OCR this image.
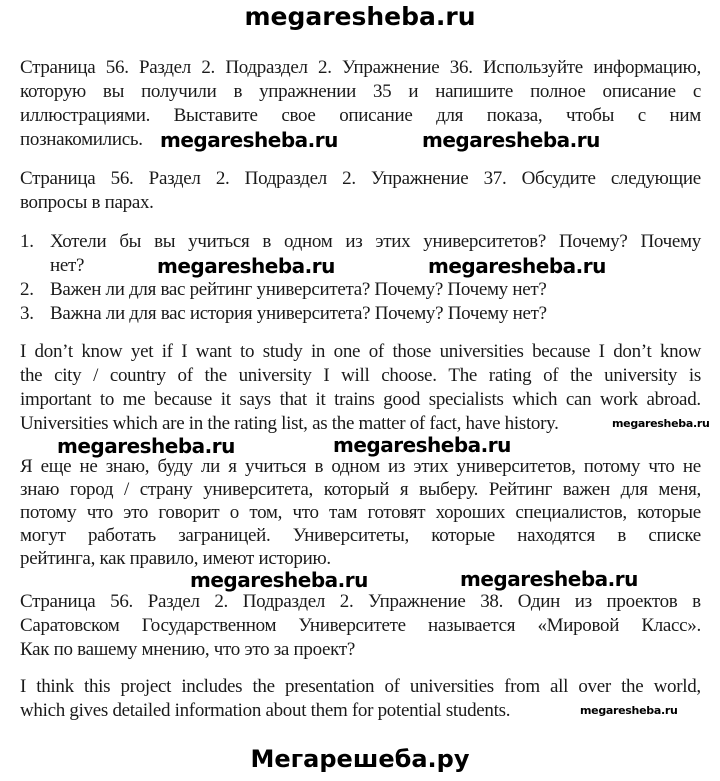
megaresheba.ru
Страница 56. Раздел 2. Подраздел 2. Упражнение 36. Используйте информацию,
которую вы получили в упражнении 35 и напишите полное описание с
иллюстрациями. Выставите свое описание для показа, чтобы с ним
познакомились.
Страница 56. Раздел 2. Подраздел 2. Упражнение 37. Обсудите следующие
вопросы в парах.
1. Хотели бы вы учиться в одном из этих университетов? Почему? Почему
нет?
2. Важен ли для вас рейтинг университета? Почему? Почему нет?
3. Важна ли для вас история университета? Почему? Почему нет?
I don’t know yet if I want to study in one of those universities because I don’t know
the city / country of the university I will choose. The rating of the university is
important to me because it says that it trains good specialists which can work abroad.
Universities which are in the rating list, as the matter of fact, have history.
Я еще не знаю, буду ли я учиться в одном из этих университетов, потому что не
знаю город / страну университета, который я выберу. Рейтинг важен для меня,
потому что это говорит о том, что там готовят хороших специалистов, которые
могут работать заграницей. Университеты, которые находятся в списке
рейтинга, как правило, имеют историю.
Страница 56. Раздел 2. Подраздел 2. Упражнение 38. Один из проектов в
Саратовском Государственном Университете называется «Мировой Класс».
Как по вашему мнению, что это за проект?
I think this project includes the presentation of universities from all over the world,
which gives detailed information about them for potential students.
megaresheba.ru	megaresheba.ru
megaresheba.ru	megaresheba.ru
megaresheba.ru
megaresheba.ru	megaresheba.ru
megaresheba.ru	megaresheba.ru
megaresheba.ru
Мегарешеба.ру
